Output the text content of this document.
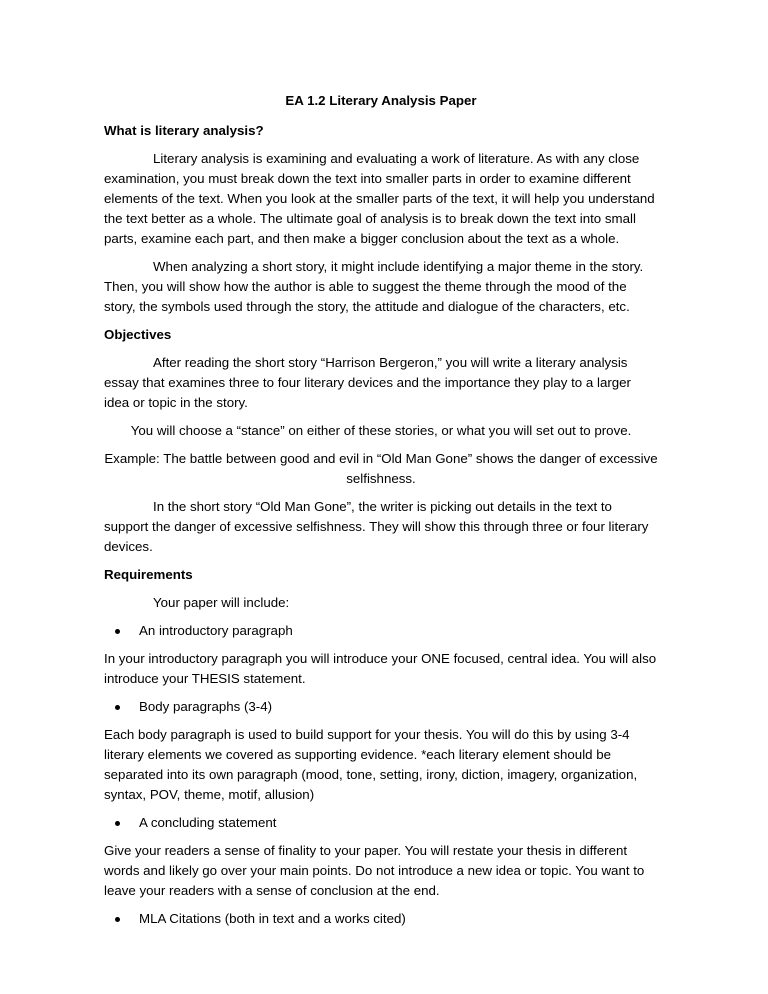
EA 1.2 Literary Analysis Paper
What is literary analysis?

Literary analysis is examining and evaluating a work of literature. As with any close examination, you must break down the text into smaller parts in order to examine different elements of the text. When you look at the smaller parts of the text, it will help you understand the text better as a whole. The ultimate goal of analysis is to break down the text into small parts, examine each part, and then make a bigger conclusion about the text as a whole.

When analyzing a short story, it might include identifying a major theme in the story. Then, you will show how the author is able to suggest the theme through the mood of the story, the symbols used through the story, the attitude and dialogue of the characters, etc.

Objectives

After reading the short story “Harrison Bergeron,” you will write a literary analysis essay that examines three to four literary devices and the importance they play to a larger idea or topic in the story.

You will choose a “stance” on either of these stories, or what you will set out to prove.

Example: The battle between good and evil in “Old Man Gone” shows the danger of excessive selfishness.

In the short story “Old Man Gone”, the writer is picking out details in the text to support the danger of excessive selfishness. They will show this through three or four literary devices.

Requirements

Your paper will include:

An introductory paragraph

In your introductory paragraph you will introduce your ONE focused, central idea. You will also introduce your THESIS statement.

Body paragraphs (3-4)

Each body paragraph is used to build support for your thesis. You will do this by using 3-4 literary elements we covered as supporting evidence. *each literary element should be separated into its own paragraph (mood, tone, setting, irony, diction, imagery, organization, syntax, POV, theme, motif, allusion)

A concluding statement

Give your readers a sense of finality to your paper. You will restate your thesis in different words and likely go over your main points. Do not introduce a new idea or topic. You want to leave your readers with a sense of conclusion at the end.

MLA Citations (both in text and a works cited)
